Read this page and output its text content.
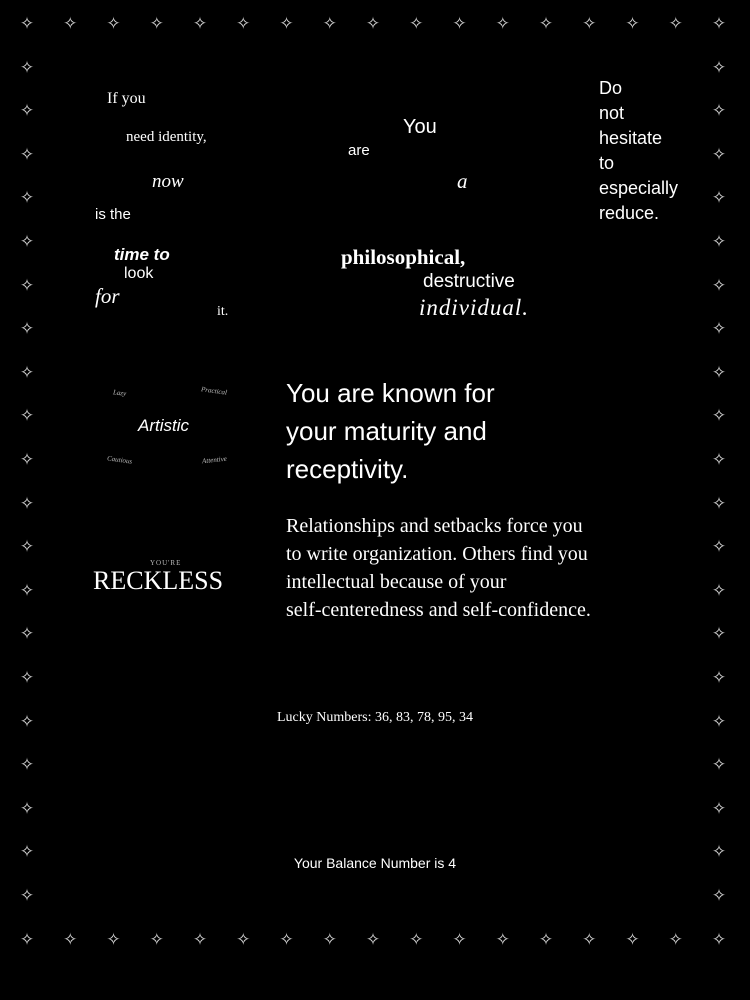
✧
✧
✧
✧
✧
✧
✧
✧
✧
✧
✧
✧
✧
✧
✧
✧
✧
✧
✧
✧
✧
✧
✧
✧
✧
✧
✧
✧
✧
✧
✧
✧
✧
✧
✧	✧
✧	✧
✧	✧
✧	✧
✧	✧
✧	✧
✧	✧
✧	✧
✧	✧
✧	✧
✧	✧
✧	✧
✧	✧
✧	✧
✧	✧
✧	✧
✧	✧
✧	✧
✧	✧
✧	✧
If you
need identity,
now
is the
time to
look
for
it.
You
are
a
philosophical,
destructive
individual.
Do
not
hesitate
to
especially
reduce.
Lazy	Practical
Artistic
Cautious	Attentive
YOU'RE
RECKLESS
You are known for
your maturity and
receptivity.
Relationships and setbacks force you
to write organization. Others find you
intellectual because of your
self-centeredness and self-confidence.
Lucky Numbers: 36, 83, 78, 95, 34
Your Balance Number is 4
